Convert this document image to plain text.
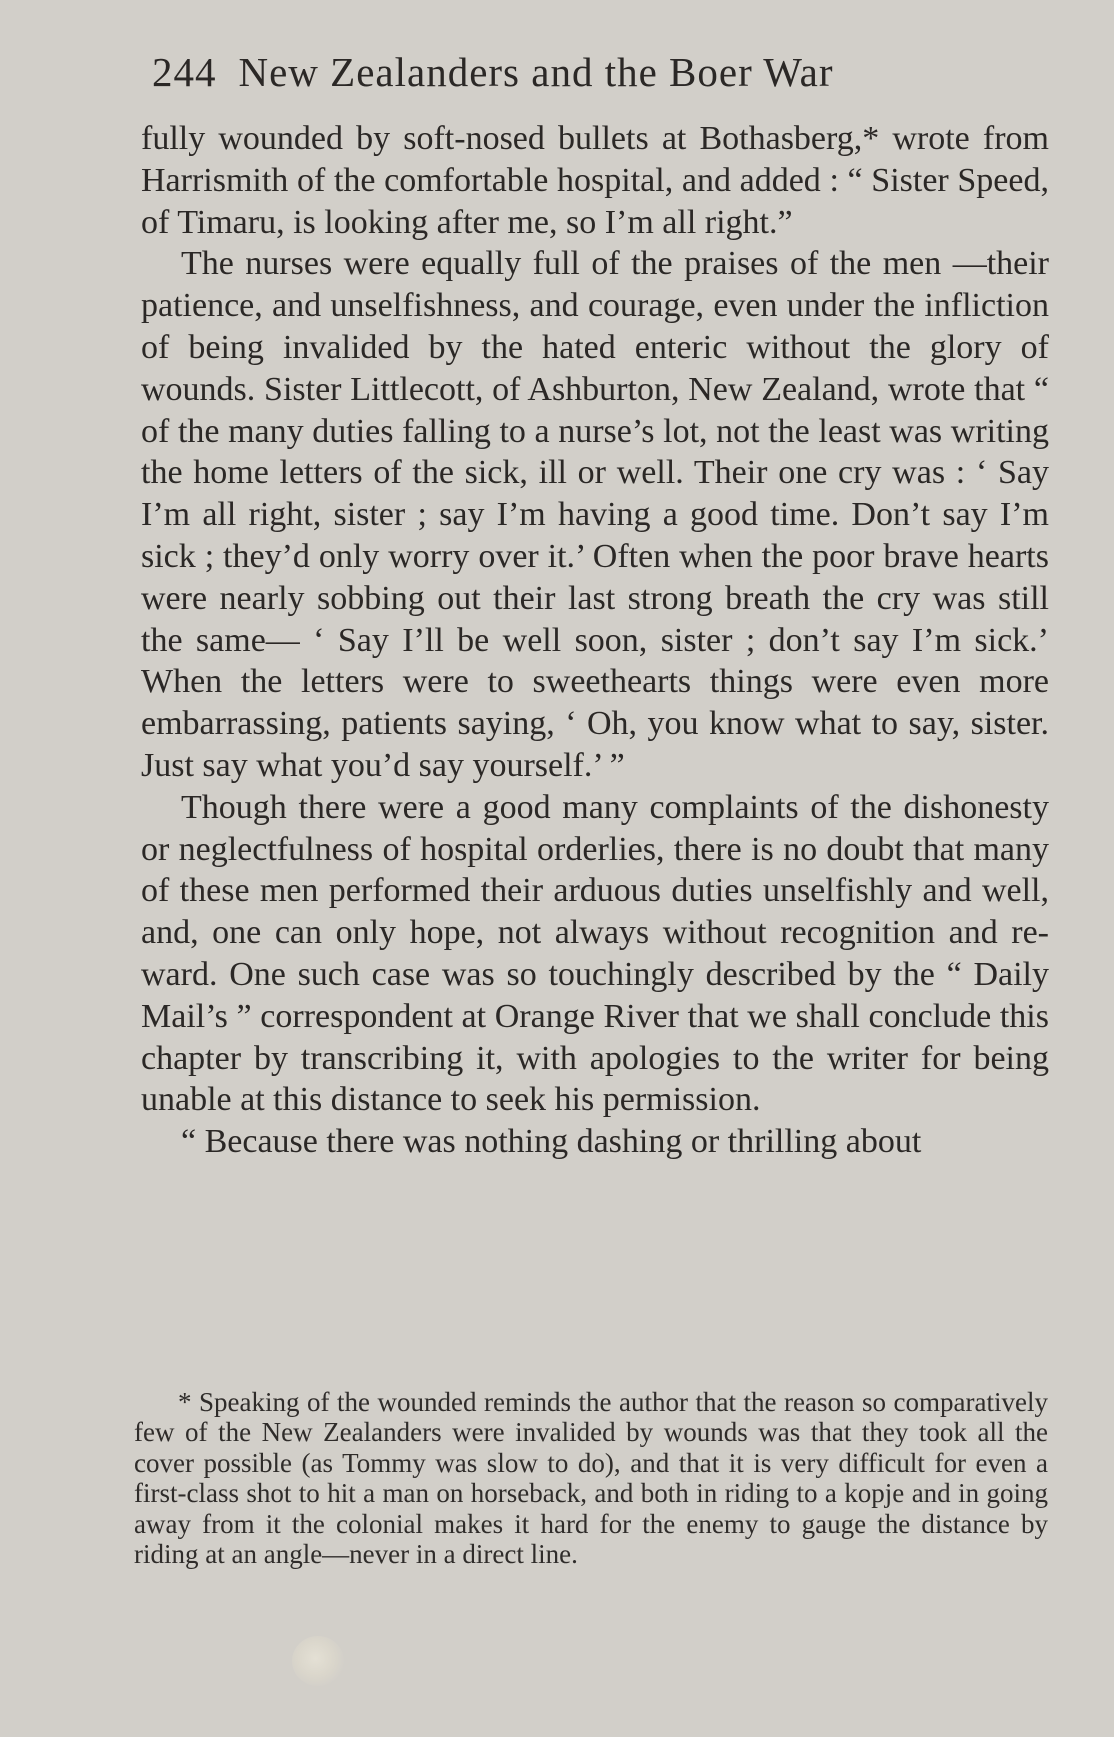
244 New Zealanders and the Boer War

fully wounded by soft-nosed bullets at Bothasberg,* wrote from Harrismith of the comfortable hospital, and added : “ Sister Speed, of Timaru, is looking after me, so I’m all right.”

The nurses were equally full of the praises of the men —their patience, and unselfishness, and courage, even under the infliction of being invalided by the hated enteric without the glory of wounds. Sister Littlecott, of Ashburton, New Zealand, wrote that “ of the many duties falling to a nurse’s lot, not the least was writing the home letters of the sick, ill or well. Their one cry was : ‘ Say I’m all right, sister ; say I’m having a good time. Don’t say I’m sick ; they’d only worry over it.’ Often when the poor brave hearts were nearly sobbing out their last strong breath the cry was still the same— ‘ Say I’ll be well soon, sister ; don’t say I’m sick.’ When the letters were to sweethearts things were even more embarrassing, patients saying, ‘ Oh, you know what to say, sister. Just say what you’d say yourself.’ ”

Though there were a good many complaints of the dishonesty or neglectfulness of hospital orderlies, there is no doubt that many of these men performed their arduous duties unselfishly and well, and, one can only hope, not always without recognition and re-ward. One such case was so touchingly described by the “ Daily Mail’s ” correspondent at Orange River that we shall conclude this chapter by transcribing it, with apologies to the writer for being unable at this distance to seek his permission.

“ Because there was nothing dashing or thrilling about

* Speaking of the wounded reminds the author that the reason so comparatively few of the New Zealanders were invalided by wounds was that they took all the cover possible (as Tommy was slow to do), and that it is very difficult for even a first-class shot to hit a man on horseback, and both in riding to a kopje and in going away from it the colonial makes it hard for the enemy to gauge the distance by riding at an angle—never in a direct line.
